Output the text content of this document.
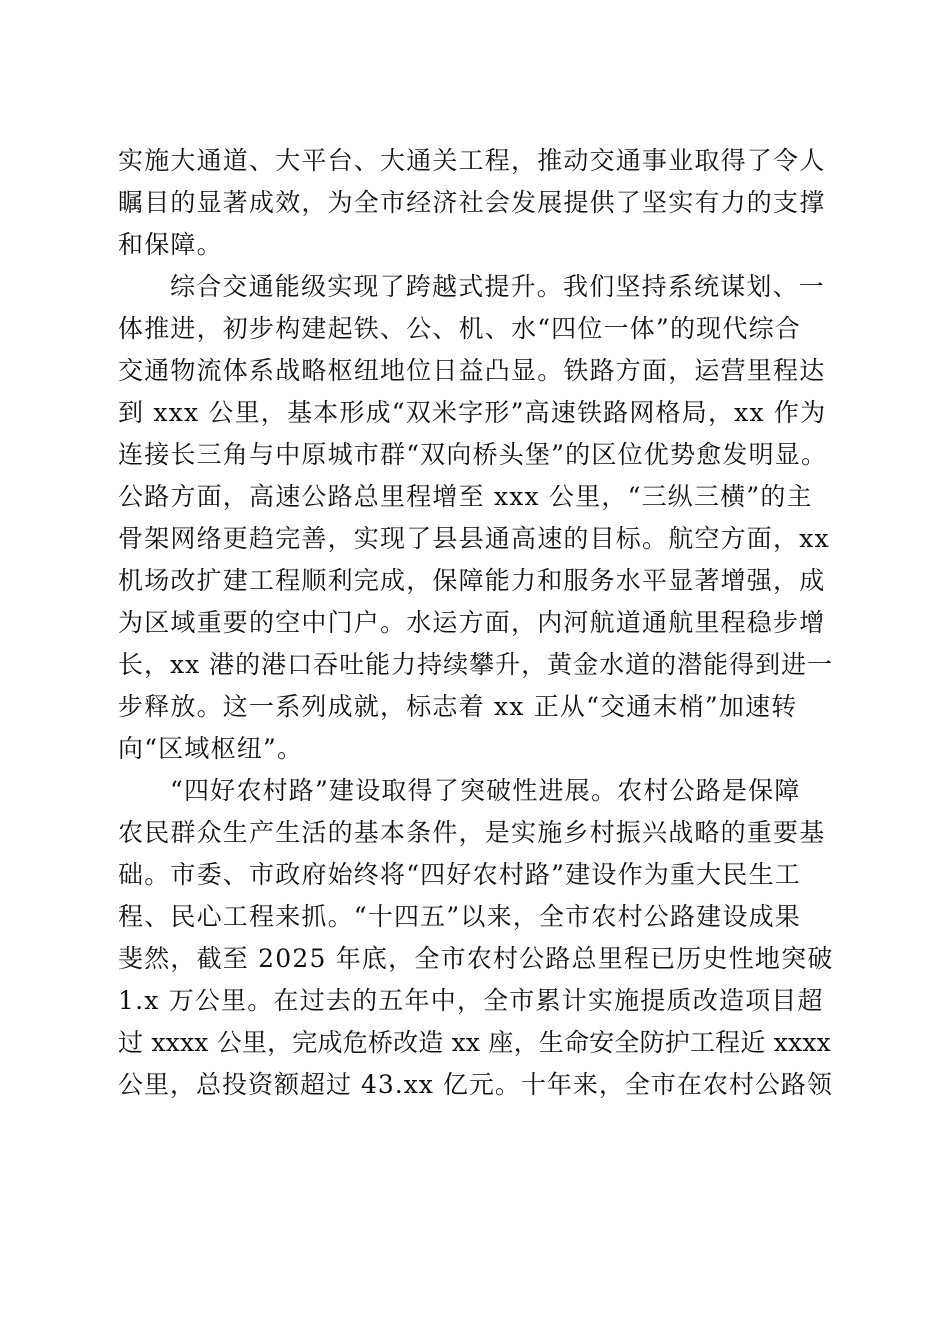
实施大通道、大平台、大通关工程，推动交通事业取得了令人
瞩目的显著成效，为全市经济社会发展提供了坚实有力的支撑
和保障。
综合交通能级实现了跨越式提升。我们坚持系统谋划、一
体推进，初步构建起铁、公、机、水“四位一体”的现代综合
交通物流体系战略枢纽地位日益凸显。铁路方面，运营里程达
到 xxx 公里，基本形成“双米字形”高速铁路网格局，xx 作为
连接长三角与中原城市群“双向桥头堡”的区位优势愈发明显。
公路方面，高速公路总里程增至 xxx 公里，“三纵三横”的主
骨架网络更趋完善，实现了县县通高速的目标。航空方面，xx
机场改扩建工程顺利完成，保障能力和服务水平显著增强，成
为区域重要的空中门户。水运方面，内河航道通航里程稳步增
长，xx 港的港口吞吐能力持续攀升，黄金水道的潜能得到进一
步释放。这一系列成就，标志着 xx 正从“交通末梢”加速转
向“区域枢纽”。
“四好农村路”建设取得了突破性进展。农村公路是保障
农民群众生产生活的基本条件，是实施乡村振兴战略的重要基
础。市委、市政府始终将“四好农村路”建设作为重大民生工
程、民心工程来抓。“十四五”以来，全市农村公路建设成果
斐然，截至 2025 年底，全市农村公路总里程已历史性地突破
1.x 万公里。在过去的五年中，全市累计实施提质改造项目超
过 xxxx 公里，完成危桥改造 xx 座，生命安全防护工程近 xxxx
公里，总投资额超过 43.xx 亿元。十年来，全市在农村公路领
